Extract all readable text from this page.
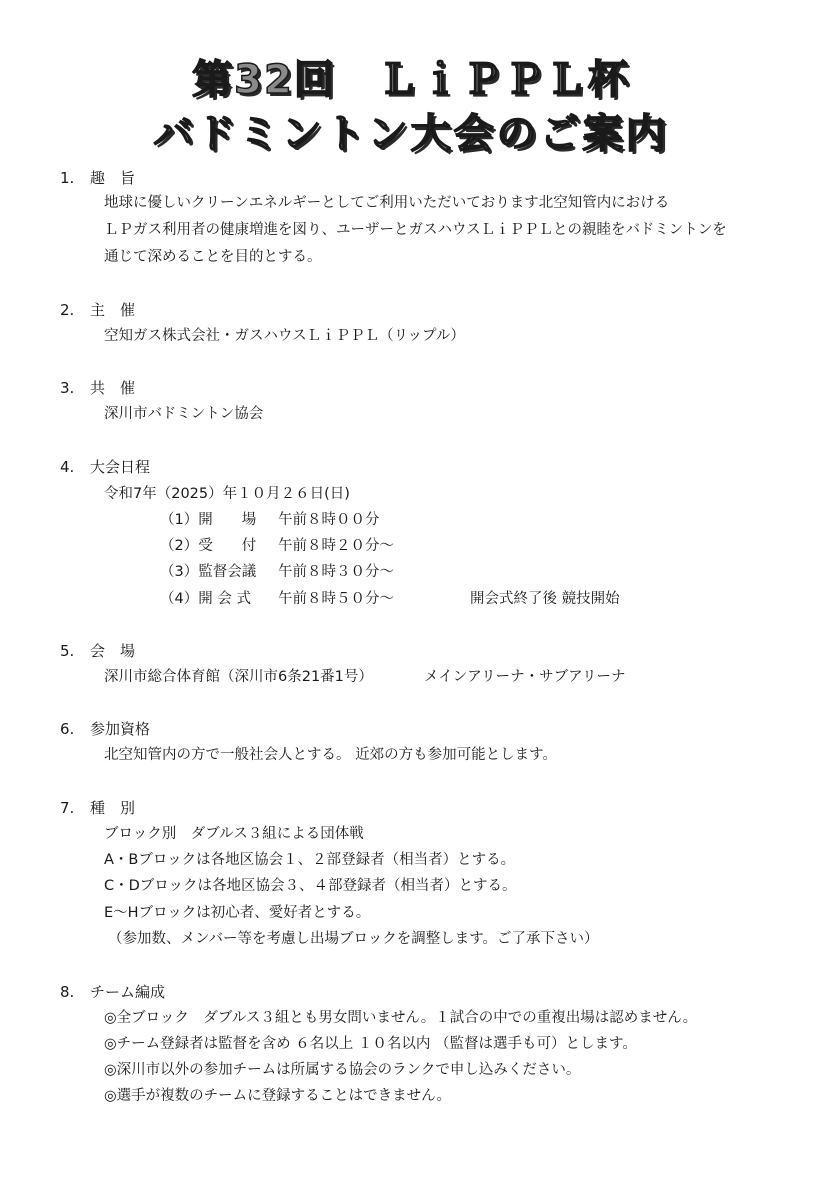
第32回　ＬｉＰＰＬ杯
バドミントン大会のご案内
1. 趣　旨
地球に優しいクリーンエネルギーとしてご利用いただいております北空知管内における
ＬＰガス利用者の健康増進を図り、ユーザーとガスハウスＬｉＰＰＬとの親睦をバドミントンを
通じて深めることを目的とする。
2. 主　催
空知ガス株式会社・ガスハウスＬｉＰＰＬ（リップル）
3. 共　催
深川市バドミントン協会
4. 大会日程
令和7年（2025）年１０月２６日(日)
（1）開　　場 午前８時００分
（2）受　　付 午前８時２０分～
（3）監督会議 午前８時３０分～
（4）開 会 式 午前８時５０分～	開会式終了後 競技開始
5. 会　場
深川市総合体育館（深川市6条21番1号）	メインアリーナ・サブアリーナ
6. 参加資格
北空知管内の方で一般社会人とする。 近郊の方も参加可能とします。
7. 種　別
ブロック別　ダブルス３組による団体戦
A・Bブロックは各地区協会１、２部登録者（相当者）とする。
C・Dブロックは各地区協会３、４部登録者（相当者）とする。
E～Hブロックは初心者、愛好者とする。
（参加数、メンバー等を考慮し出場ブロックを調整します。ご了承下さい）
8. チーム編成
◎全ブロック　ダブルス３組とも男女問いません。１試合の中での重複出場は認めません。
◎チーム登録者は監督を含め ６名以上 １０名以内 （監督は選手も可）とします。
◎深川市以外の参加チームは所属する協会のランクで申し込みください。
◎選手が複数のチームに登録することはできません。
